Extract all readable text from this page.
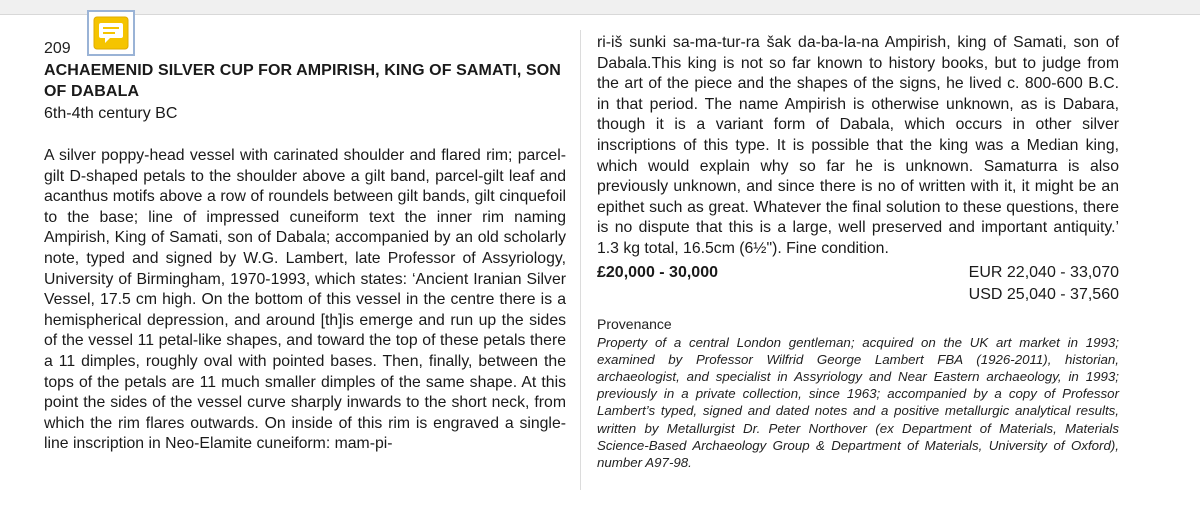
209
ACHAEMENID SILVER CUP FOR AMPIRISH, KING OF SAMATI, SON OF DABALA
6th-4th century BC

A silver poppy-head vessel with carinated shoulder and flared rim; parcel-gilt D-shaped petals to the shoulder above a gilt band, parcel-gilt leaf and acanthus motifs above a row of roundels between gilt bands, gilt cinquefoil to the base; line of impressed cuneiform text the inner rim naming Ampirish, King of Samati, son of Dabala; accompanied by an old scholarly note, typed and signed by W.G. Lambert, late Professor of Assyriology, University of Birmingham, 1970-1993, which states: ‘Ancient Iranian Silver Vessel, 17.5 cm high. On the bottom of this vessel in the centre there is a hemispherical depression, and around [th]is emerge and run up the sides of the vessel 11 petal-like shapes, and toward the top of these petals there a 11 dimples, roughly oval with pointed bases. Then, finally, between the tops of the petals are 11 much smaller dimples of the same shape. At this point the sides of the vessel curve sharply inwards to the short neck, from which the rim flares outwards. On inside of this rim is engraved a single-line inscription in Neo-Elamite cuneiform: mam-pi-

ri-iš sunki sa-ma-tur-ra šak da-ba-la-na Ampirish, king of Samati, son of Dabala.This king is not so far known to history books, but to judge from the art of the piece and the shapes of the signs, he lived c. 800-600 B.C. in that period. The name Ampirish is otherwise unknown, as is Dabara, though it is a variant form of Dabala, which occurs in other silver inscriptions of this type. It is possible that the king was a Median king, which would explain why so far he is unknown. Samaturra is also previously unknown, and since there is no of written with it, it might be an epithet such as great. Whatever the final solution to these questions, there is no dispute that this is a large, well preserved and important antiquity.’ 1.3 kg total, 16.5cm (6½"). Fine condition.

£20,000 - 30,000	EUR 22,040 - 33,070
USD 25,040 - 37,560
Provenance

Property of a central London gentleman; acquired on the UK art market in 1993; examined by Professor Wilfrid George Lambert FBA (1926-2011), historian, archaeologist, and specialist in Assyriology and Near Eastern archaeology, in 1993; previously in a private collection, since 1963; accompanied by a copy of Professor Lambert’s typed, signed and dated notes and a positive metallurgic analytical results, written by Metallurgist Dr. Peter Northover (ex Department of Materials, Materials Science-Based Archaeology Group & Department of Materials, University of Oxford), number A97-98.
